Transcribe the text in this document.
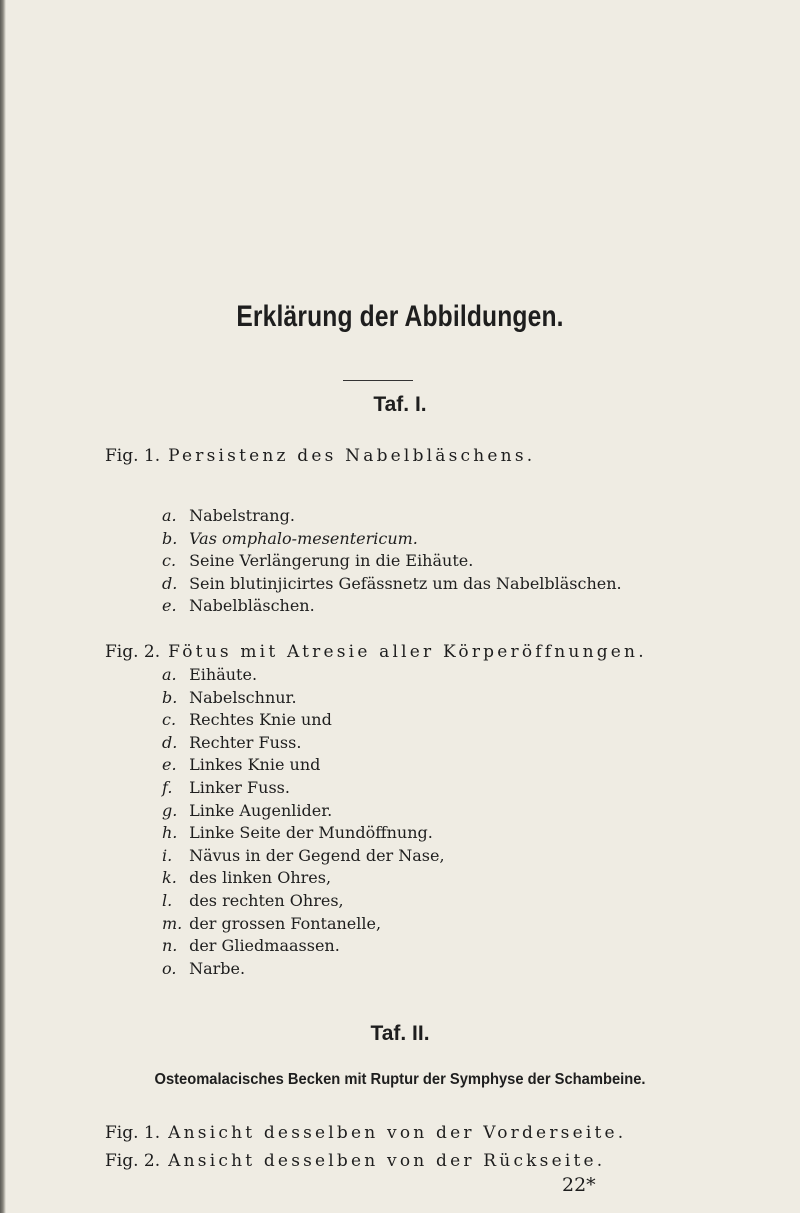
Erklärung der Abbildungen.
Taf. I.
Fig. 1. Persistenz des Nabelbläschens.
a. Nabelstrang.
b. Vas omphalo-mesentericum.
c. Seine Verlängerung in die Eihäute.
d. Sein blutinjicirtes Gefässnetz um das Nabelbläschen.
e. Nabelbläschen.
Fig. 2. Fötus mit Atresie aller Körperöffnungen.
a. Eihäute.
b. Nabelschnur.
c. Rechtes Knie und
d. Rechter Fuss.
e. Linkes Knie und
f. Linker Fuss.
g. Linke Augenlider.
h. Linke Seite der Mundöffnung.
i. Nävus in der Gegend der Nase,
k. des linken Ohres,
l. des rechten Ohres,
m. der grossen Fontanelle,
n. der Gliedmaassen.
o. Narbe.
Taf. II.
Osteomalacisches Becken mit Ruptur der Symphyse der Schambeine.
Fig. 1. Ansicht desselben von der Vorderseite.
Fig. 2. Ansicht desselben von der Rückseite.
22*
